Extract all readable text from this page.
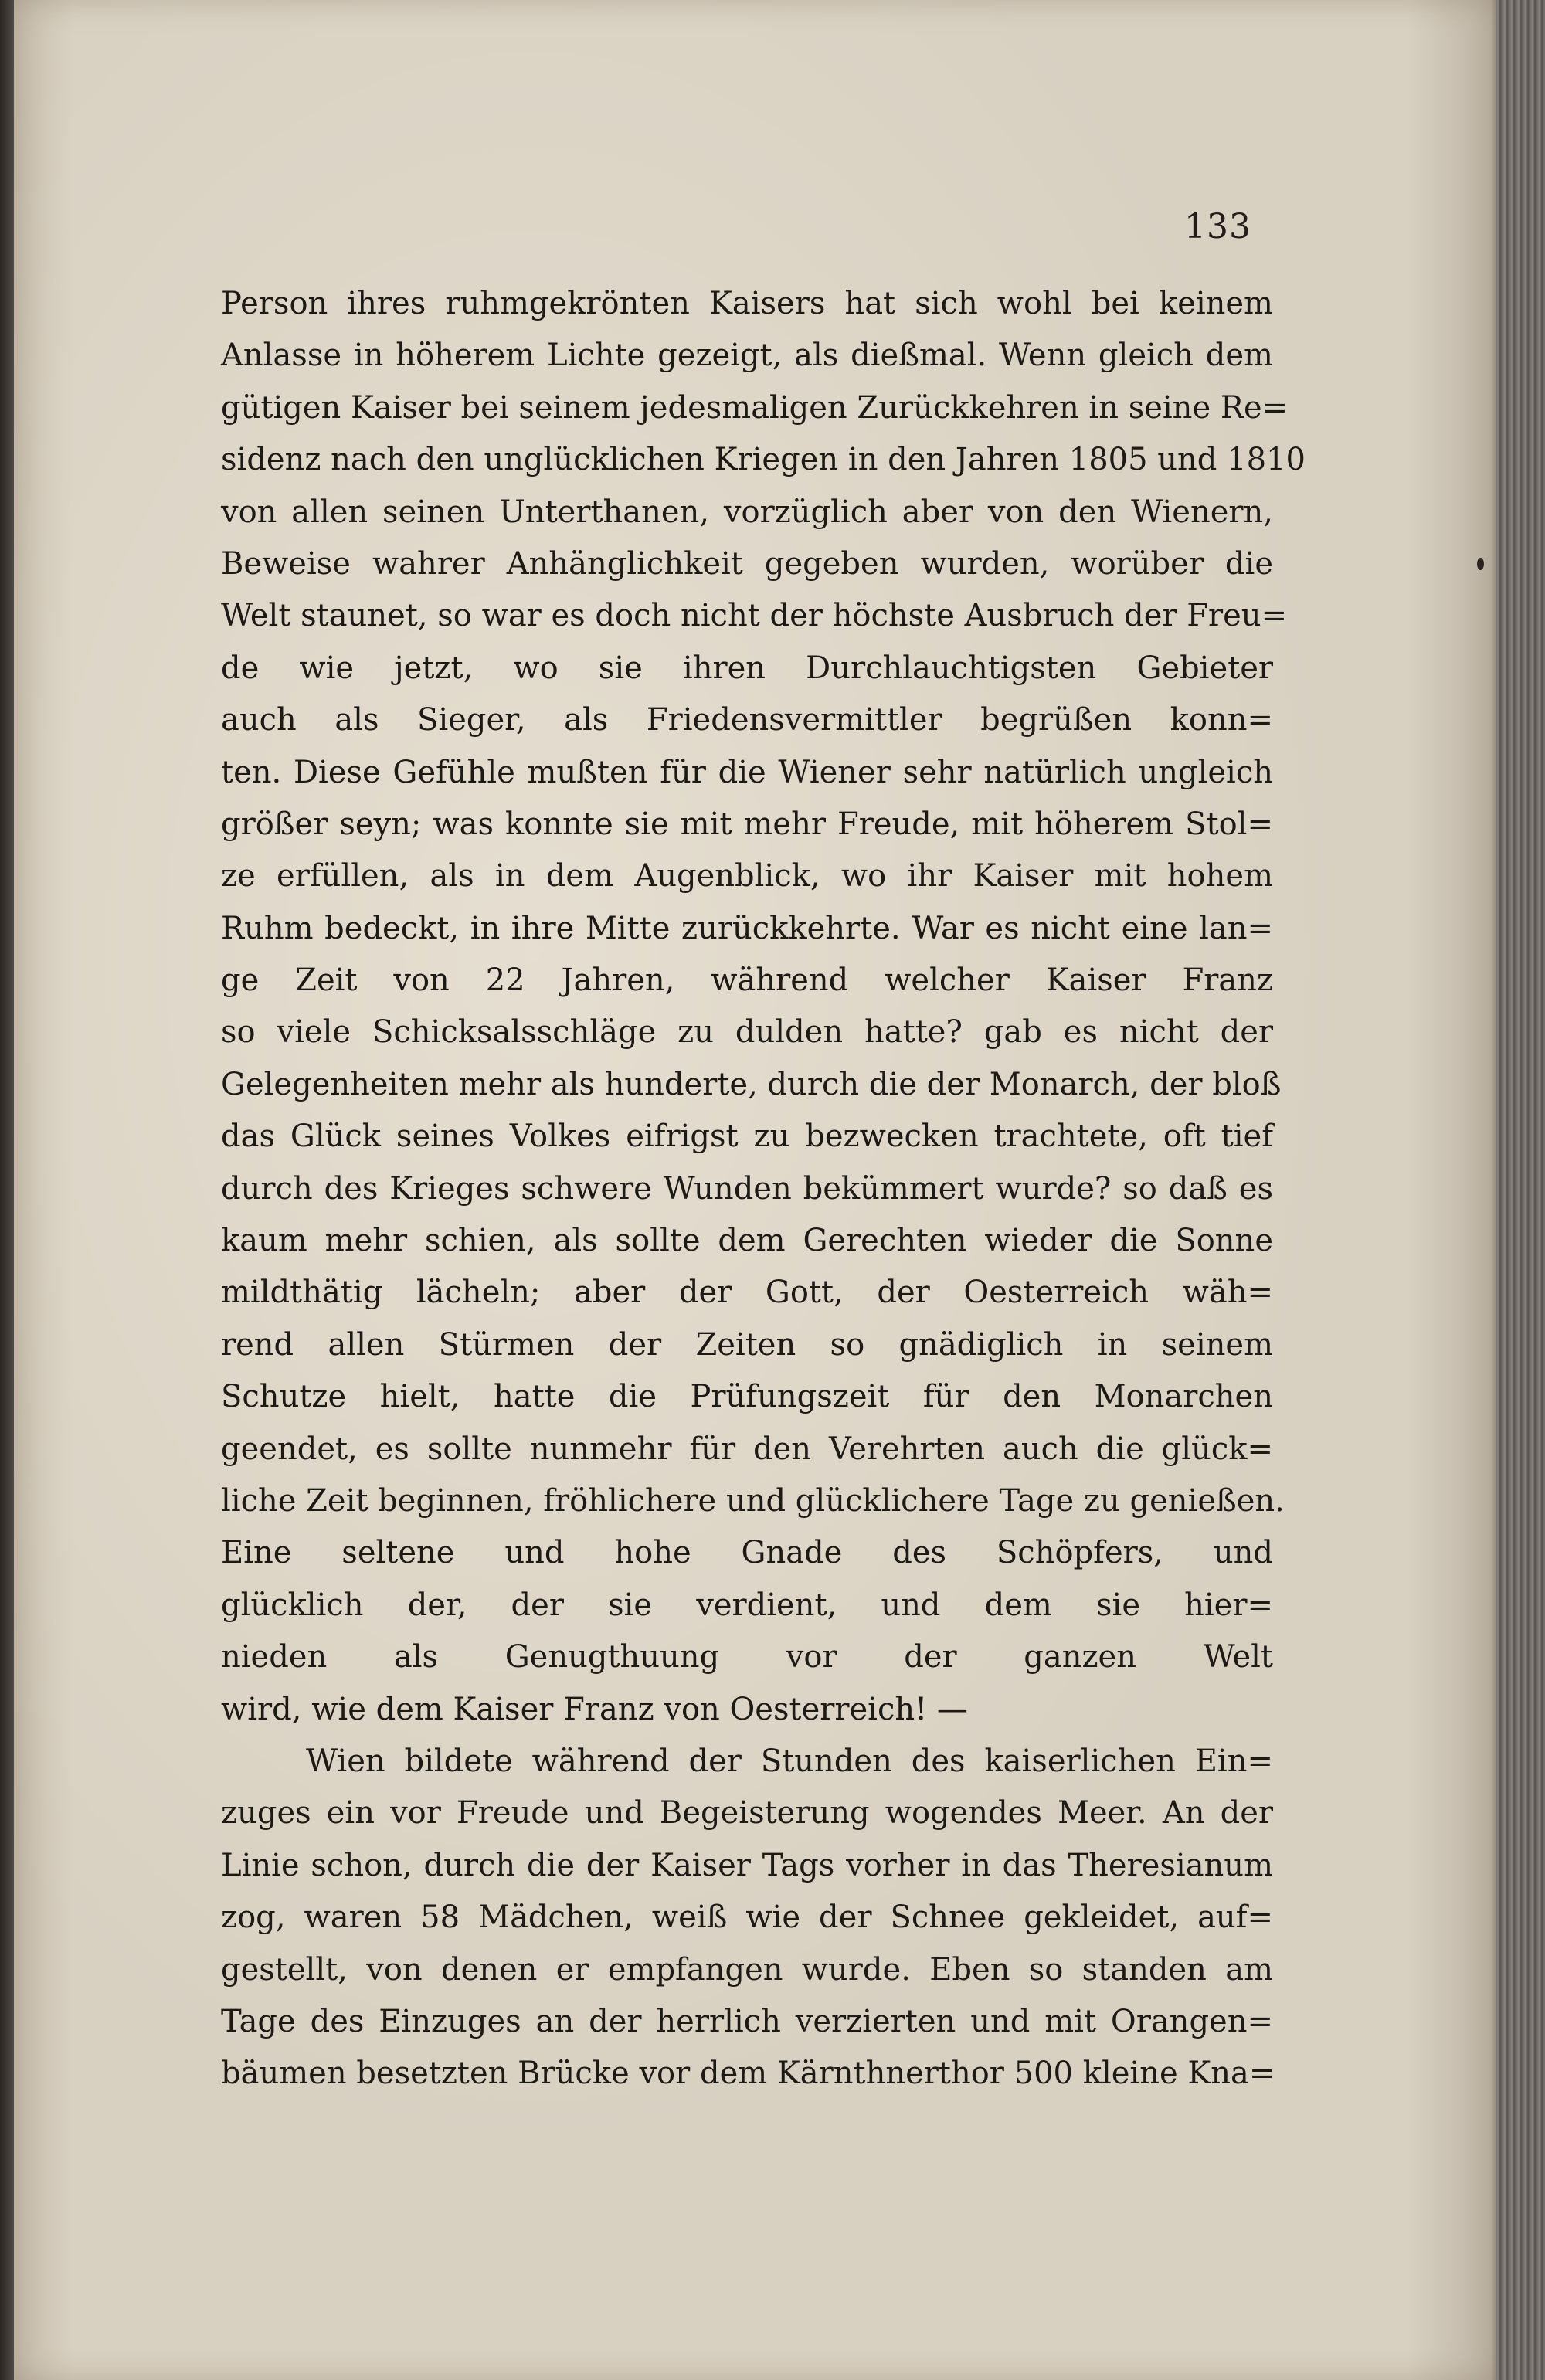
133
Person ihres ruhmgekrönten Kaisers hat sich wohl bei keinem
Anlasse in höherem Lichte gezeigt, als dießmal. Wenn gleich dem
gütigen Kaiser bei seinem jedesmaligen Zurückkehren in seine Re=
sidenz nach den unglücklichen Kriegen in den Jahren 1805 und 1810
von allen seinen Unterthanen, vorzüglich aber von den Wienern,
Beweise wahrer Anhänglichkeit gegeben wurden, worüber die
Welt staunet, so war es doch nicht der höchste Ausbruch der Freu=
de wie jetzt, wo sie ihren Durchlauchtigsten Gebieter
auch als Sieger, als Friedensvermittler begrüßen konn=
ten. Diese Gefühle mußten für die Wiener sehr natürlich ungleich
größer seyn; was konnte sie mit mehr Freude, mit höherem Stol=
ze erfüllen, als in dem Augenblick, wo ihr Kaiser mit hohem
Ruhm bedeckt, in ihre Mitte zurückkehrte. War es nicht eine lan=
ge Zeit von 22 Jahren, während welcher Kaiser Franz
so viele Schicksalsschläge zu dulden hatte? gab es nicht der
Gelegenheiten mehr als hunderte, durch die der Monarch, der bloß
das Glück seines Volkes eifrigst zu bezwecken trachtete, oft tief
durch des Krieges schwere Wunden bekümmert wurde? so daß es
kaum mehr schien, als sollte dem Gerechten wieder die Sonne
mildthätig lächeln; aber der Gott, der Oesterreich wäh=
rend allen Stürmen der Zeiten so gnädiglich in seinem
Schutze hielt, hatte die Prüfungszeit für den Monarchen
geendet, es sollte nunmehr für den Verehrten auch die glück=
liche Zeit beginnen, fröhlichere und glücklichere Tage zu genießen.
Eine seltene und hohe Gnade des Schöpfers, und
glücklich der, der sie verdient, und dem sie hier=
nieden als Genugthuung vor der ganzen Welt
wird, wie dem Kaiser Franz von Oesterreich! —
Wien bildete während der Stunden des kaiserlichen Ein=
zuges ein vor Freude und Begeisterung wogendes Meer. An der
Linie schon, durch die der Kaiser Tags vorher in das Theresianum
zog, waren 58 Mädchen, weiß wie der Schnee gekleidet, auf=
gestellt, von denen er empfangen wurde. Eben so standen am
Tage des Einzuges an der herrlich verzierten und mit Orangen=
bäumen besetzten Brücke vor dem Kärnthnerthor 500 kleine Kna=
